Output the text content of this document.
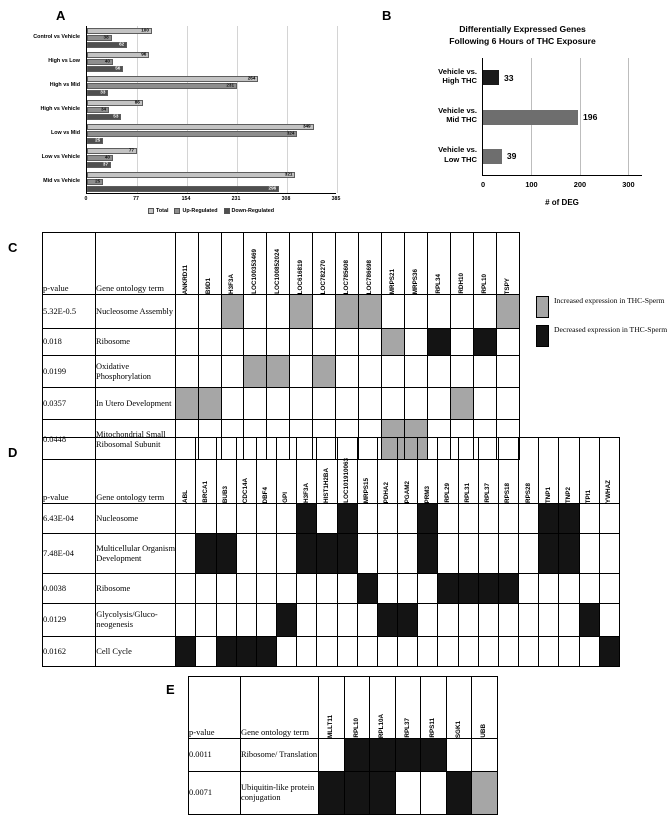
A
100
38
62
96
40
56
264
231
33
86
34
53
349
324
25
77
40
37
321
25
296
Control vs Vehicle
High vs Low
High vs Mid
High vs Vehicle
Low vs Mid
Low vs Vehicle
Mid vs Vehicle
0	77	154	231	308	385
Total	Up-Regulated	Down-Regulated
B
Differentially Expressed Genes
Following 6 Hours of THC Exposure
33
Vehicle vs.
High THC
196
Vehicle vs.
Mid THC
39
Vehicle vs.
Low THC
0	100	200	300
# of DEG
C
p-value	Gene ontology term	ANKRD11	B9D1	H3F3A	LOC100353469	LOC100852024	LOC616819	LOC782270	LOC785608	LOC786698	MRPS21	MRPS36	RPL34	RDH10	RPL10	TSPY

5.32E-0.5	Nucleosome Assembly															
0.018	Ribosome															
0.0199	Oxidative Phosphorylation															
0.0357	In Utero Development															
0.0448	Mitochondrial Small Ribosomal Subunit															
Increased expression in THC-Sperm
Decreased expression in THC-Sperm
D
p-value	Gene ontology term	ABL	BRCA1	BUB3	CDC14A	DBF4	GPI	H3F3A	HIST1H2BA	LOC101910063	MRPS15	PDHA2	PGAM2	PRM3	RPL29	RPL31	RPL37	RPS18	RPS28	TNP1	TNP2	TPI1	YWHAZ

6.43E-04	Nucleosome																						
7.48E-04	Multicellular Organism Development																						
0.0038	Ribosome																						
0.0129	Glycolysis/Gluco-neogenesis																						
0.0162	Cell Cycle																						
E
p-value	Gene ontology term	MLLT11	RPL10	RPL10A	RPL37	RPS11	SGK1	UBB

0.0011	Ribosome/ Translation							
0.0071	Ubiquitin-like protein conjugation							
